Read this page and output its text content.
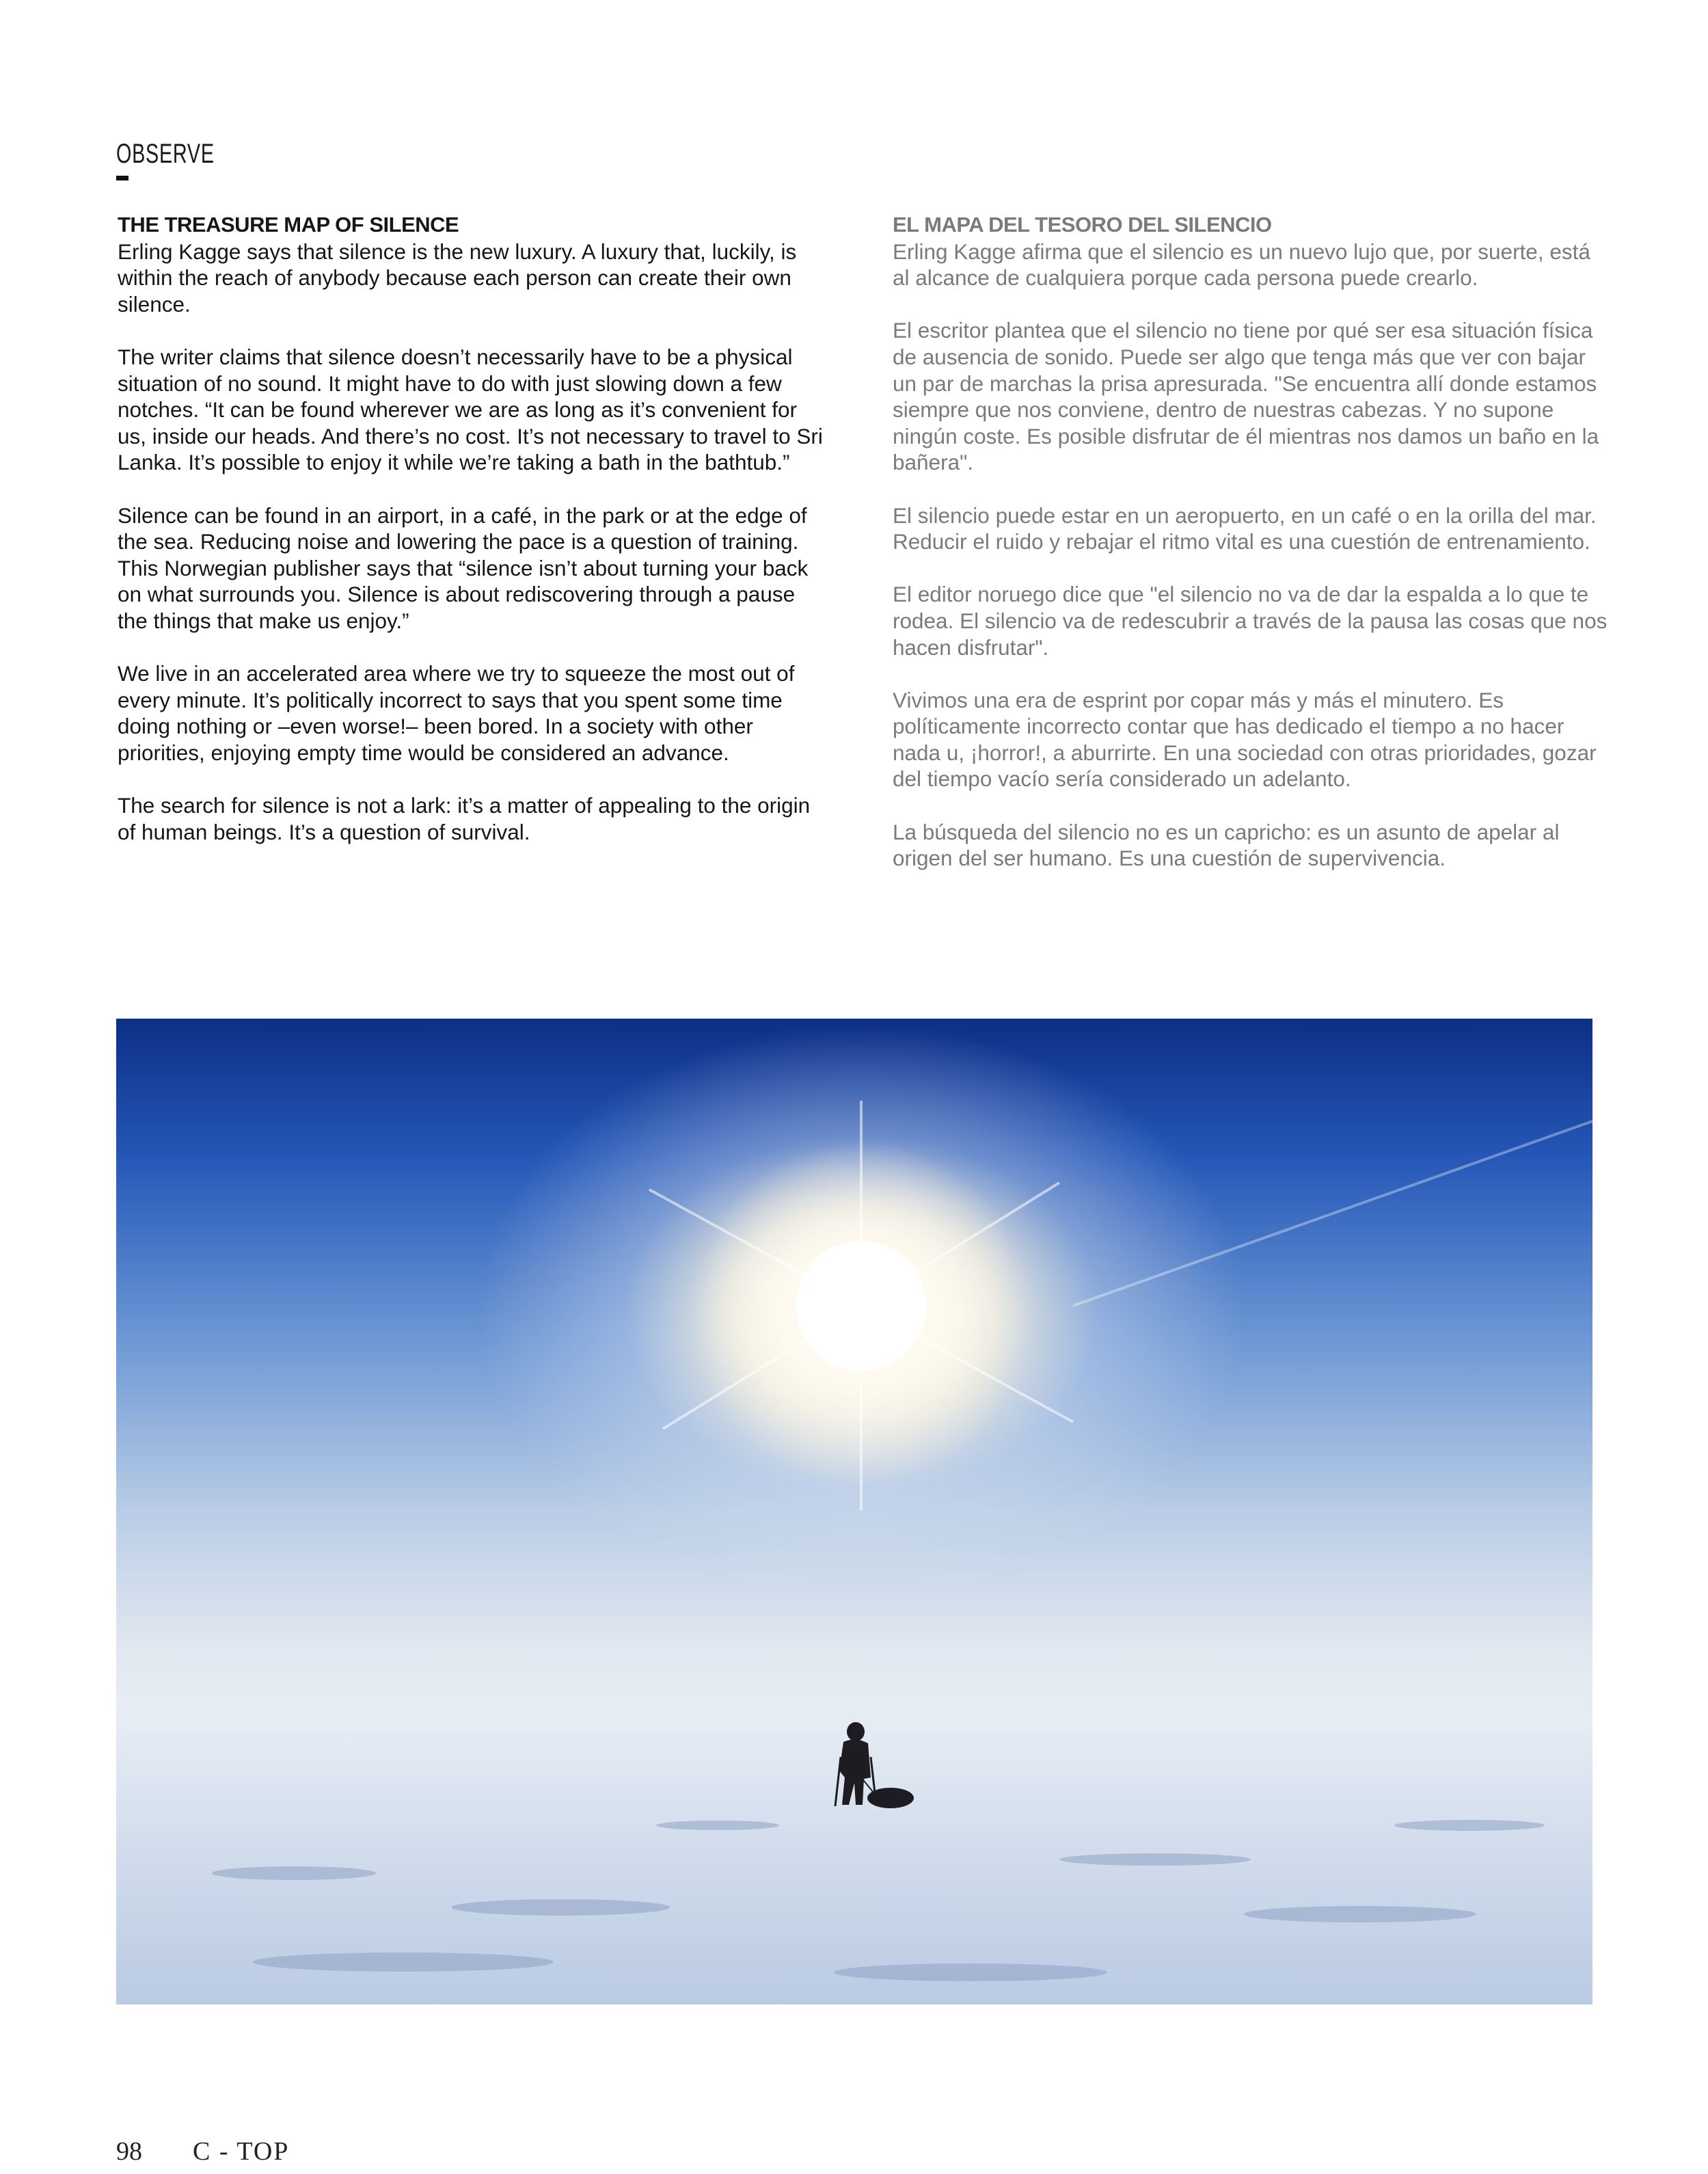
OBSERVE
THE TREASURE MAP OF SILENCE

Erling Kagge says that silence is the new luxury. A luxury that, luckily, is within the reach of anybody because each person can create their own silence.

The writer claims that silence doesn’t necessarily have to be a physical situation of no sound. It might have to do with just slowing down a few notches. “It can be found wherever we are as long as it’s convenient for us, inside our heads. And there’s no cost. It’s not necessary to travel to Sri Lanka. It’s possible to enjoy it while we’re taking a bath in the bathtub.”

Silence can be found in an airport, in a café, in the park or at the edge of the sea. Reducing noise and lowering the pace is a question of training. This Norwegian publisher says that “silence isn’t about turning your back on what surrounds you. Silence is about rediscovering through a pause the things that make us enjoy.”

We live in an accelerated area where we try to squeeze the most out of every minute. It’s politically incorrect to says that you spent some time doing nothing or –even worse!– been bored. In a society with other priorities, enjoying empty time would be considered an advance.

The search for silence is not a lark: it’s a matter of appealing to the origin of human beings. It’s a question of survival.

EL MAPA DEL TESORO DEL SILENCIO

Erling Kagge afirma que el silencio es un nuevo lujo que, por suerte, está al alcance de cualquiera porque cada persona puede crearlo.

El escritor plantea que el silencio no tiene por qué ser esa situación física de ausencia de sonido. Puede ser algo que tenga más que ver con bajar un par de marchas la prisa apresurada. "Se encuentra allí donde estamos siempre que nos conviene, dentro de nuestras cabezas. Y no supone ningún coste. Es posible disfrutar de él mientras nos damos un baño en la bañera".

El silencio puede estar en un aeropuerto, en un café o en la orilla del mar. Reducir el ruido y rebajar el ritmo vital es una cuestión de entrenamiento.

El editor noruego dice que "el silencio no va de dar la espalda a lo que te rodea. El silencio va de redescubrir a través de la pausa las cosas que nos hacen disfrutar".

Vivimos una era de esprint por copar más y más el minutero. Es políticamente incorrecto contar que has dedicado el tiempo a no hacer nada u, ¡horror!, a aburrirte. En una sociedad con otras prioridades, gozar del tiempo vacío sería considerado un adelanto.

La búsqueda del silencio no es un capricho: es un asunto de apelar al origen del ser humano. Es una cuestión de supervivencia.

98 C - TOP
